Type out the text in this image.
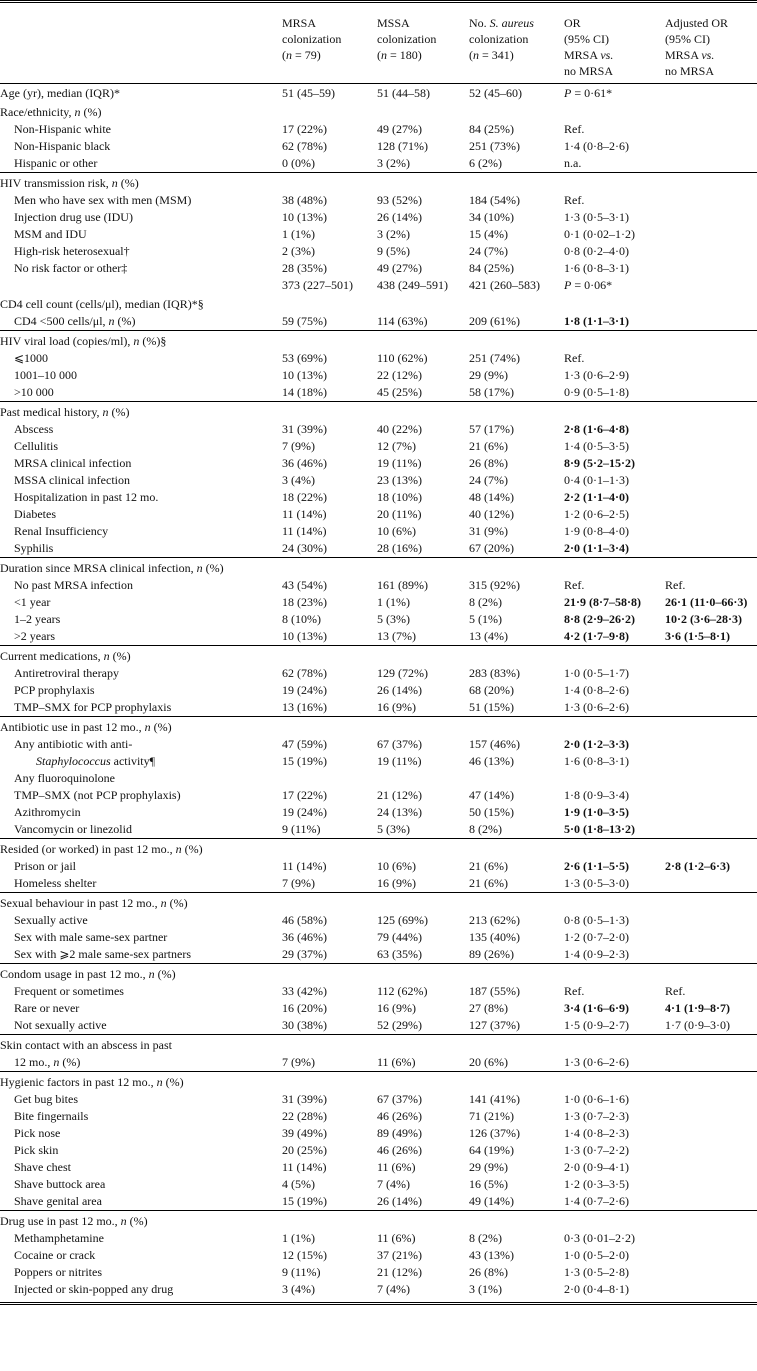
	MRSA
colonization
(n = 79)	MSSA
colonization
(n = 180)	No. S. aureus
colonization
(n = 341)	OR
(95% CI)
MRSA vs.
no MRSA	Adjusted OR
(95% CI)
MRSA vs.
no MRSA

Age (yr), median (IQR)*	51 (45–59)	51 (44–58)	52 (45–60)	P = 0·61*	
Race/ethnicity, n (%)					
Non-Hispanic white	17 (22%)	49 (27%)	84 (25%)	Ref.	
Non-Hispanic black	62 (78%)	128 (71%)	251 (73%)	1·4 (0·8–2·6)	
Hispanic or other	0 (0%)	3 (2%)	6 (2%)	n.a.	

HIV transmission risk, n (%)					
Men who have sex with men (MSM)	38 (48%)	93 (52%)	184 (54%)	Ref.	
Injection drug use (IDU)	10 (13%)	26 (14%)	34 (10%)	1·3 (0·5–3·1)	
MSM and IDU	1 (1%)	3 (2%)	15 (4%)	0·1 (0·02–1·2)	
High-risk heterosexual†	2 (3%)	9 (5%)	24 (7%)	0·8 (0·2–4·0)	
No risk factor or other‡	28 (35%)	49 (27%)	84 (25%)	1·6 (0·8–3·1)	
	373 (227–501)	438 (249–591)	421 (260–583)	P = 0·06*	
CD4 cell count (cells/μl), median (IQR)*§					
CD4 <500 cells/μl, n (%)	59 (75%)	114 (63%)	209 (61%)	1·8 (1·1–3·1)	

HIV viral load (copies/ml), n (%)§					
⩽1000	53 (69%)	110 (62%)	251 (74%)	Ref.	
1001–10 000	10 (13%)	22 (12%)	29 (9%)	1·3 (0·6–2·9)	
>10 000	14 (18%)	45 (25%)	58 (17%)	0·9 (0·5–1·8)	

Past medical history, n (%)					
Abscess	31 (39%)	40 (22%)	57 (17%)	2·8 (1·6–4·8)	
Cellulitis	7 (9%)	12 (7%)	21 (6%)	1·4 (0·5–3·5)	
MRSA clinical infection	36 (46%)	19 (11%)	26 (8%)	8·9 (5·2–15·2)	
MSSA clinical infection	3 (4%)	23 (13%)	24 (7%)	0·4 (0·1–1·3)	
Hospitalization in past 12 mo.	18 (22%)	18 (10%)	48 (14%)	2·2 (1·1–4·0)	
Diabetes	11 (14%)	20 (11%)	40 (12%)	1·2 (0·6–2·5)	
Renal Insufficiency	11 (14%)	10 (6%)	31 (9%)	1·9 (0·8–4·0)	
Syphilis	24 (30%)	28 (16%)	67 (20%)	2·0 (1·1–3·4)	

Duration since MRSA clinical infection, n (%)					
No past MRSA infection	43 (54%)	161 (89%)	315 (92%)	Ref.	Ref.
<1 year	18 (23%)	1 (1%)	8 (2%)	21·9 (8·7–58·8)	26·1 (11·0–66·3)
1–2 years	8 (10%)	5 (3%)	5 (1%)	8·8 (2·9–26·2)	10·2 (3·6–28·3)
>2 years	10 (13%)	13 (7%)	13 (4%)	4·2 (1·7–9·8)	3·6 (1·5–8·1)

Current medications, n (%)					
Antiretroviral therapy	62 (78%)	129 (72%)	283 (83%)	1·0 (0·5–1·7)	
PCP prophylaxis	19 (24%)	26 (14%)	68 (20%)	1·4 (0·8–2·6)	
TMP–SMX for PCP prophylaxis	13 (16%)	16 (9%)	51 (15%)	1·3 (0·6–2·6)	

Antibiotic use in past 12 mo., n (%)					
Any antibiotic with anti-	47 (59%)	67 (37%)	157 (46%)	2·0 (1·2–3·3)	
Staphylococcus activity¶	15 (19%)	19 (11%)	46 (13%)	1·6 (0·8–3·1)	
Any fluoroquinolone					
TMP–SMX (not PCP prophylaxis)	17 (22%)	21 (12%)	47 (14%)	1·8 (0·9–3·4)	
Azithromycin	19 (24%)	24 (13%)	50 (15%)	1·9 (1·0–3·5)	
Vancomycin or linezolid	9 (11%)	5 (3%)	8 (2%)	5·0 (1·8–13·2)	

Resided (or worked) in past 12 mo., n (%)					
Prison or jail	11 (14%)	10 (6%)	21 (6%)	2·6 (1·1–5·5)	2·8 (1·2–6·3)
Homeless shelter	7 (9%)	16 (9%)	21 (6%)	1·3 (0·5–3·0)	

Sexual behaviour in past 12 mo., n (%)					
Sexually active	46 (58%)	125 (69%)	213 (62%)	0·8 (0·5–1·3)	
Sex with male same-sex partner	36 (46%)	79 (44%)	135 (40%)	1·2 (0·7–2·0)	
Sex with ⩾2 male same-sex partners	29 (37%)	63 (35%)	89 (26%)	1·4 (0·9–2·3)	

Condom usage in past 12 mo., n (%)					
Frequent or sometimes	33 (42%)	112 (62%)	187 (55%)	Ref.	Ref.
Rare or never	16 (20%)	16 (9%)	27 (8%)	3·4 (1·6–6·9)	4·1 (1·9–8·7)
Not sexually active	30 (38%)	52 (29%)	127 (37%)	1·5 (0·9–2·7)	1·7 (0·9–3·0)

Skin contact with an abscess in past					
12 mo., n (%)	7 (9%)	11 (6%)	20 (6%)	1·3 (0·6–2·6)	

Hygienic factors in past 12 mo., n (%)					
Get bug bites	31 (39%)	67 (37%)	141 (41%)	1·0 (0·6–1·6)	
Bite fingernails	22 (28%)	46 (26%)	71 (21%)	1·3 (0·7–2·3)	
Pick nose	39 (49%)	89 (49%)	126 (37%)	1·4 (0·8–2·3)	
Pick skin	20 (25%)	46 (26%)	64 (19%)	1·3 (0·7–2·2)	
Shave chest	11 (14%)	11 (6%)	29 (9%)	2·0 (0·9–4·1)	
Shave buttock area	4 (5%)	7 (4%)	16 (5%)	1·2 (0·3–3·5)	
Shave genital area	15 (19%)	26 (14%)	49 (14%)	1·4 (0·7–2·6)	

Drug use in past 12 mo., n (%)					
Methamphetamine	1 (1%)	11 (6%)	8 (2%)	0·3 (0·01–2·2)	
Cocaine or crack	12 (15%)	37 (21%)	43 (13%)	1·0 (0·5–2·0)	
Poppers or nitrites	9 (11%)	21 (12%)	26 (8%)	1·3 (0·5–2·8)	
Injected or skin-popped any drug	3 (4%)	7 (4%)	3 (1%)	2·0 (0·4–8·1)	
